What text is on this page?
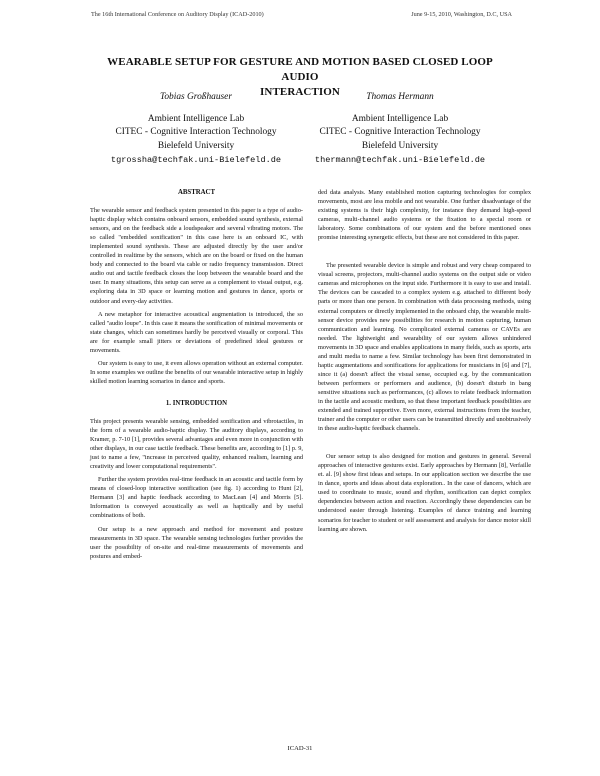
The 16th International Conference on Auditory Display (ICAD-2010)	June 9-15, 2010, Washington, D.C, USA
WEARABLE SETUP FOR GESTURE AND MOTION BASED CLOSED LOOP AUDIO
INTERACTION
Tobias Großhauser
Ambient Intelligence Lab
CITEC - Cognitive Interaction Technology
Bielefeld University
tgrossha@techfak.uni-Bielefeld.de
Thomas Hermann
Ambient Intelligence Lab
CITEC - Cognitive Interaction Technology
Bielefeld University
thermann@techfak.uni-Bielefeld.de
ABSTRACT

The wearable sensor and feedback system presented in this paper is a type of audio-haptic display which contains onboard sensors, embedded sound synthesis, external sensors, and on the feedback side a loudspeaker and several vibrating motors. The so called "embedded sonification" in this case here is an onboard IC, with implemented sound synthesis. These are adjusted directly by the user and/or controlled in realtime by the sensors, which are on the board or fixed on the human body and connected to the board via cable or radio frequency transmission. Direct audio out and tactile feedback closes the loop between the wearable board and the user. In many situations, this setup can serve as a complement to visual output, e.g. exploring data in 3D space or learning motion and gestures in dance, sports or outdoor and every-day activities.

A new metaphor for interactive acoustical augmentation is introduced, the so called "audio loupe". In this case it means the sonification of minimal movements or state changes, which can sometimes hardly be perceived visually or corporal. This are for example small jitters or deviations of predefined ideal gestures or movements.

Our system is easy to use, it even allows operation without an external computer. In some examples we outline the benefits of our wearable interactive setup in highly skilled motion learning scenarios in dance and sports.

1. INTRODUCTION

This project presents wearable sensing, embedded sonification and vibrotactiles, in the form of a wearable audio-haptic display. The auditory displays, according to Kramer, p. 7-10 [1], provides several advantages and even more in conjunction with other displays, in our case tactile feedback. These benefits are, according to [1] p. 9, just to name a few, "increase in perceived quality, enhanced realism, learning and creativity and lower computational requirements".

Further the system provides real-time feedback in an acoustic and tactile form by means of closed-loop interactive sonification (see fig. 1) according to Hunt [2], Hermann [3] and haptic feedback according to MacLean [4] and Morris [5]. Information is conveyed acoustically as well as haptically and by useful combinations of both.

Our setup is a new approach and method for movement and posture measurements in 3D space. The wearable sensing technologies further provides the user the possibility of on-site and real-time measurements of movements and postures and embed-

ded data analysis. Many established motion capturing technologies for complex movements, most are less mobile and not wearable. One further disadvantage of the existing systems is their high complexity, for instance they demand high-speed cameras, multi-channel audio systems or the fixation to a special room or laboratory. Some combinations of our system and the before mentioned ones promise interesting synergetic effects, but these are not considered in this paper.

The presented wearable device is simple and robust and very cheap compared to visual screens, projectors, multi-channel audio systems on the output side or video cameras and microphones on the input side. Furthermore it is easy to use and install. The devices can be cascaded to a complex system e.g. attached to different body parts or more than one person. In combination with data processing methods, using external computers or directly implemented in the onboard chip, the wearable multi- sensor device provides new possibilities for research in motion capturing, human communication and learning. No complicated external cameras or CAVEs are needed. The lightweight and wearability of our system allows unhindered movements in 3D space and enables applications in many fields, such as sports, arts and multi media to name a few. Similar technology has been first demonstrated in haptic augmentations and sonifications for applications for musicians in [6] and [7], since it (a) doesn't affect the visual sense, occupied e.g. by the communication between performers or performers and audience, (b) doesn't disturb in bang sensitive situations such as performances, (c) allows to relate feedback information in the tactile and acoustic medium, so that these important feedback possibilities are extended and trained supportive. Even more, external instructions from the teacher, trainer and the computer or other users can be transmitted directly and unobtrusively in these audio-haptic feedback channels.

Our sensor setup is also designed for motion and gestures in general. Several approaches of interactive gestures exist. Early approaches by Hermann [8], Verfaille et. al. [9] show first ideas and setups. In our application section we describe the use in dance, sports and ideas about data exploration.. In the case of dancers, which are used to coordinate to music, sound and rhythm, sonification can depict complex dependencies between action and reaction. Accordingly these dependencies can be understood easier through listening. Examples of dance training and learning scenarios for teacher to student or self assessment and analysis for dance motor skill learning are shown.

ICAD-31
